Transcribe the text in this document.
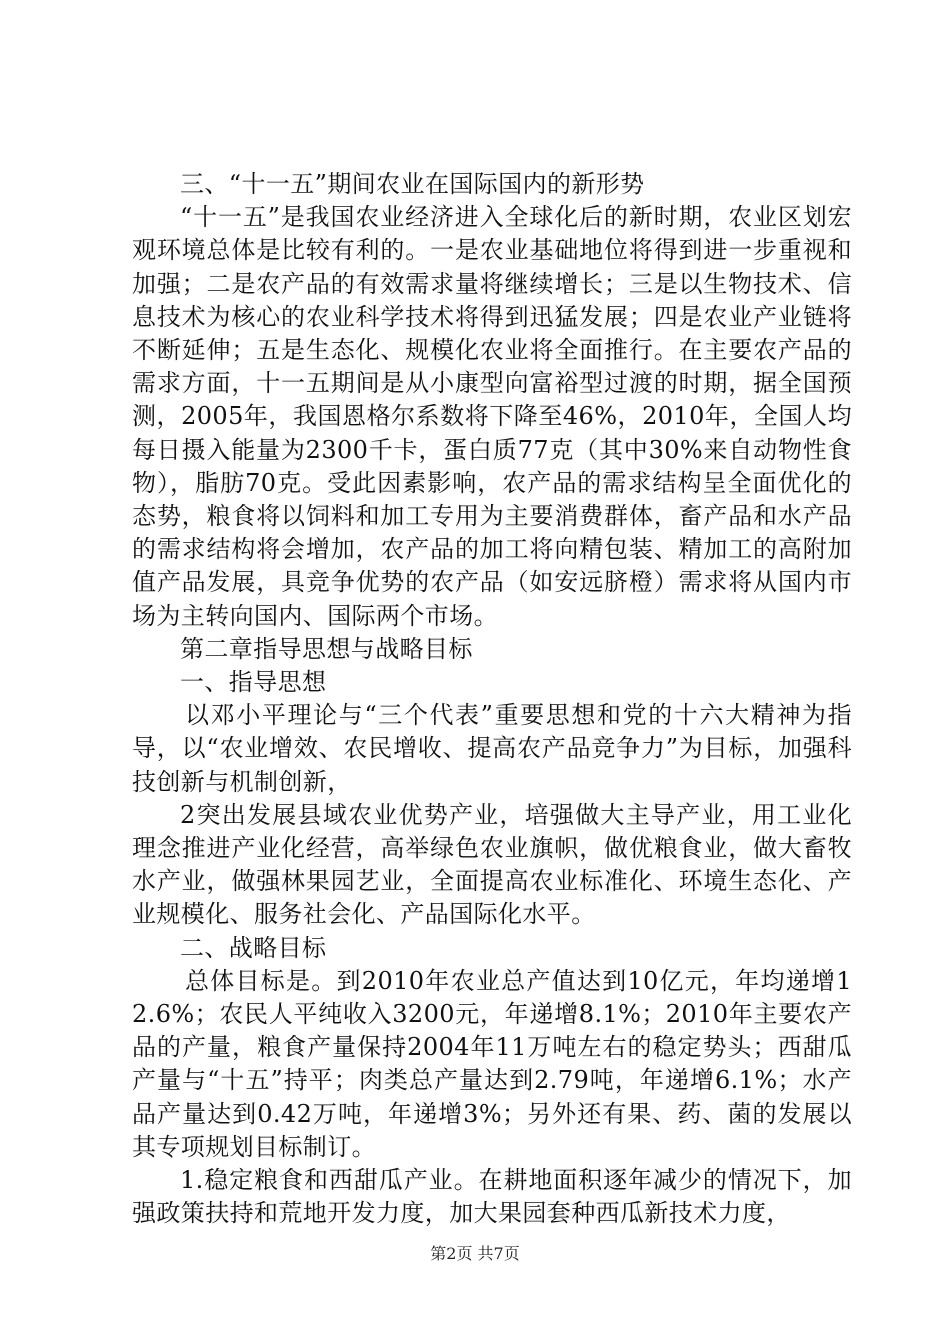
三、“十一五”期间农业在国际国内的新形势

“十一五”是我国农业经济进入全球化后的新时期，农业区划宏观环境总体是比较有利的。一是农业基础地位将得到进一步重视和加强；二是农产品的有效需求量将继续增长；三是以生物技术、信息技术为核心的农业科学技术将得到迅猛发展；四是农业产业链将不断延伸；五是生态化、规模化农业将全面推行。在主要农产品的需求方面，十一五期间是从小康型向富裕型过渡的时期，据全国预测，2005年，我国恩格尔系数将下降至46%，2010年，全国人均每日摄入能量为2300千卡，蛋白质77克（其中30%来自动物性食物），脂肪70克。受此因素影响，农产品的需求结构呈全面优化的态势，粮食将以饲料和加工专用为主要消费群体，畜产品和水产品的需求结构将会增加，农产品的加工将向精包装、精加工的高附加值产品发展，具竞争优势的农产品（如安远脐橙）需求将从国内市场为主转向国内、国际两个市场。

第二章指导思想与战略目标

一、指导思想

以邓小平理论与“三个代表”重要思想和党的十六大精神为指导，以“农业增效、农民增收、提高农产品竞争力”为目标，加强科技创新与机制创新，

2突出发展县域农业优势产业，培强做大主导产业，用工业化理念推进产业化经营，高举绿色农业旗帜，做优粮食业，做大畜牧水产业，做强林果园艺业，全面提高农业标准化、环境生态化、产业规模化、服务社会化、产品国际化水平。

二、战略目标

总体目标是。到2010年农业总产值达到10亿元，年均递增12.6%；农民人平纯收入3200元，年递增8.1%；2010年主要农产品的产量，粮食产量保持2004年11万吨左右的稳定势头；西甜瓜产量与“十五”持平；肉类总产量达到2.79吨，年递增6.1%；水产品产量达到0.42万吨，年递增3%；另外还有果、药、菌的发展以其专项规划目标制订。

1.稳定粮食和西甜瓜产业。在耕地面积逐年减少的情况下，加强政策扶持和荒地开发力度，加大果园套种西瓜新技术力度，

第2页 共7页
